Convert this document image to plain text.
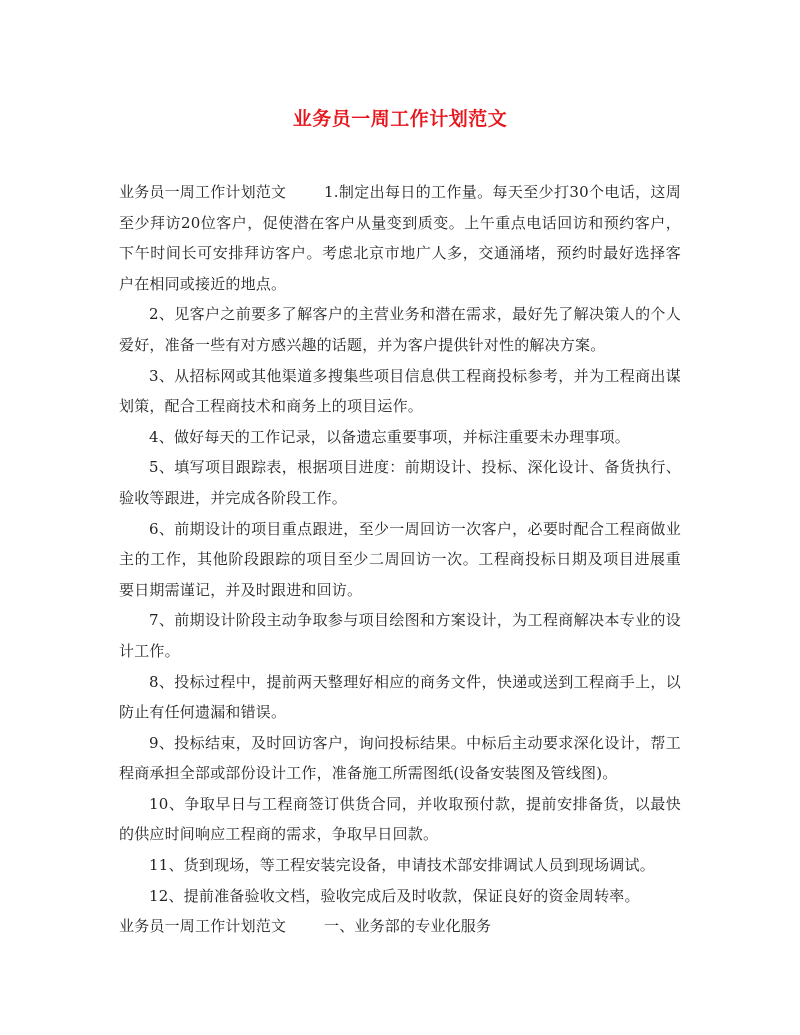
业务员一周工作计划范文

业务员一周工作计划范文	1.制定出每日的工作量。每天至少打30个电话，这周至少拜访20位客户，促使潜在客户从量变到质变。上午重点电话回访和预约客户，下午时间长可安排拜访客户。考虑北京市地广人多，交通涌堵，预约时最好选择客户在相同或接近的地点。

2、见客户之前要多了解客户的主营业务和潜在需求，最好先了解决策人的个人爱好，准备一些有对方感兴趣的话题，并为客户提供针对性的解决方案。

3、从招标网或其他渠道多搜集些项目信息供工程商投标参考，并为工程商出谋划策，配合工程商技术和商务上的项目运作。

4、做好每天的工作记录，以备遗忘重要事项，并标注重要未办理事项。

5、填写项目跟踪表，根据项目进度：前期设计、投标、深化设计、备货执行、验收等跟进，并完成各阶段工作。

6、前期设计的项目重点跟进，至少一周回访一次客户，必要时配合工程商做业主的工作，其他阶段跟踪的项目至少二周回访一次。工程商投标日期及项目进展重要日期需谨记，并及时跟进和回访。

7、前期设计阶段主动争取参与项目绘图和方案设计，为工程商解决本专业的设计工作。

8、投标过程中，提前两天整理好相应的商务文件，快递或送到工程商手上，以防止有任何遗漏和错误。

9、投标结束，及时回访客户，询问投标结果。中标后主动要求深化设计，帮工程商承担全部或部份设计工作，准备施工所需图纸(设备安装图及管线图)。

10、争取早日与工程商签订供货合同，并收取预付款，提前安排备货，以最快的供应时间响应工程商的需求，争取早日回款。

11、货到现场，等工程安装完设备，申请技术部安排调试人员到现场调试。

12、提前准备验收文档，验收完成后及时收款，保证良好的资金周转率。

业务员一周工作计划范文	一、业务部的专业化服务
